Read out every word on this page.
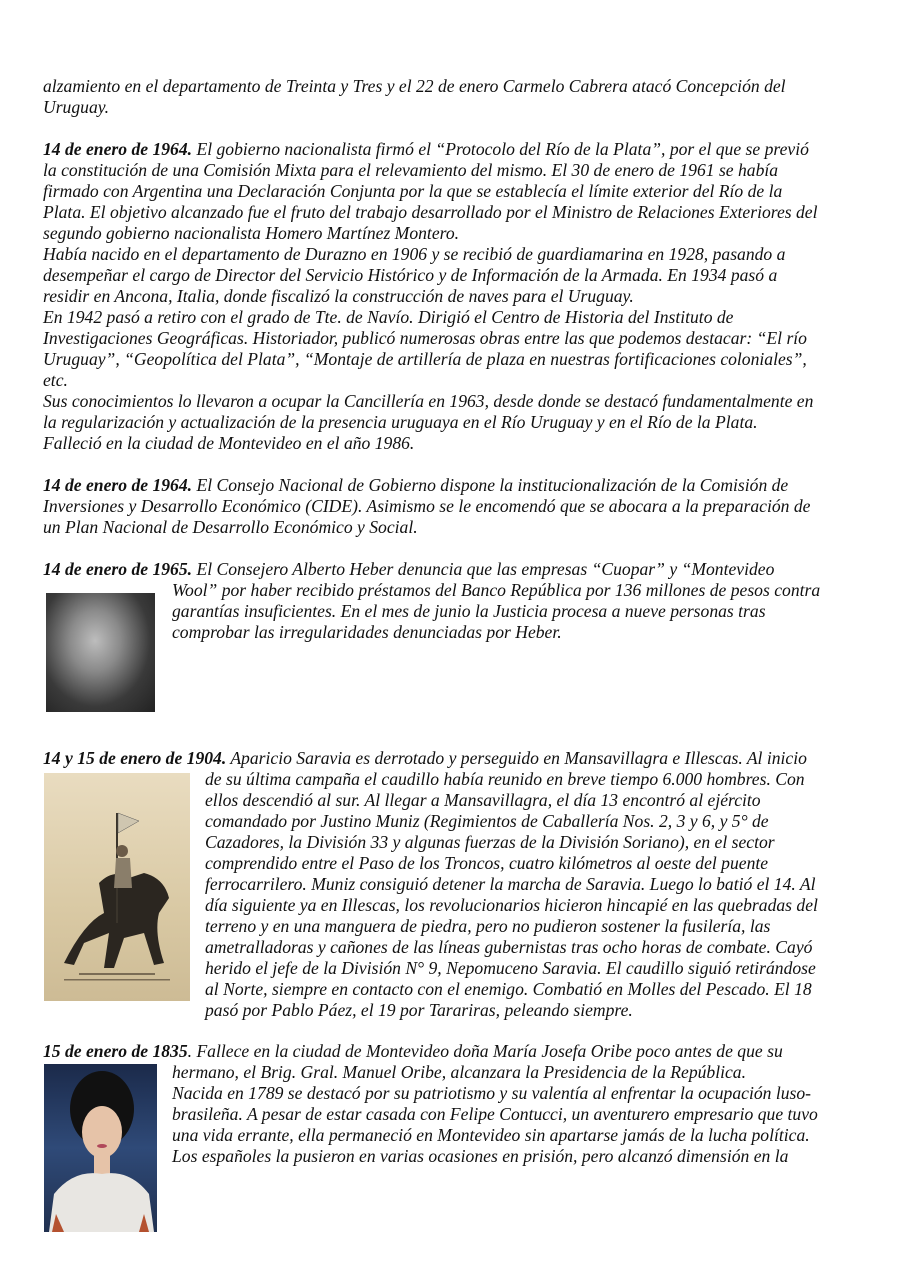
alzamiento en el departamento de Treinta y Tres y el 22 de enero Carmelo Cabrera atacó Concepción del
Uruguay.
14 de enero de 1964. El gobierno nacionalista firmó el “Protocolo del Río de la Plata”, por el que se previó
la constitución de una Comisión Mixta para el relevamiento del mismo. El 30 de enero de 1961 se había
firmado con Argentina una Declaración Conjunta por la que se establecía el límite exterior del Río de la
Plata. El objetivo alcanzado fue el fruto del trabajo desarrollado por el Ministro de Relaciones Exteriores del
segundo gobierno nacionalista Homero Martínez Montero.
Había nacido en el departamento de Durazno en 1906 y se recibió de guardiamarina en 1928, pasando a
desempeñar el cargo de Director del Servicio Histórico y de Información de la Armada. En 1934 pasó a
residir en Ancona, Italia, donde fiscalizó la construcción de naves para el Uruguay.
En 1942 pasó a retiro con el grado de Tte. de Navío. Dirigió el Centro de Historia del Instituto de
Investigaciones Geográficas. Historiador, publicó numerosas obras entre las que podemos destacar: “El río
Uruguay”, “Geopolítica del Plata”, “Montaje de artillería de plaza en nuestras fortificaciones coloniales”,
etc.
Sus conocimientos lo llevaron a ocupar la Cancillería en 1963, desde donde se destacó fundamentalmente en
la regularización y actualización de la presencia uruguaya en el Río Uruguay y en el Río de la Plata.
Falleció en la ciudad de Montevideo en el año 1986.
14 de enero de 1964. El Consejo Nacional de Gobierno dispone la institucionalización de la Comisión de
Inversiones y Desarrollo Económico (CIDE). Asimismo se le encomendó que se abocara a la preparación de
un Plan Nacional de Desarrollo Económico y Social.
14 de enero de 1965. El Consejero Alberto Heber denuncia que las empresas “Cuopar” y “Montevideo
Wool” por haber recibido préstamos del Banco República por 136 millones de pesos contra
garantías insuficientes. En el mes de junio la Justicia procesa a nueve personas tras
comprobar las irregularidades denunciadas por Heber.
14 y 15 de enero de 1904. Aparicio Saravia es derrotado y perseguido en Mansavillagra e Illescas. Al inicio
de su última campaña el caudillo había reunido en breve tiempo 6.000 hombres. Con
ellos descendió al sur. Al llegar a Mansavillagra, el día 13 encontró al ejército
comandado por Justino Muniz (Regimientos de Caballería Nos. 2, 3 y 6, y 5° de
Cazadores, la División 33 y algunas fuerzas de la División Soriano), en el sector
comprendido entre el Paso de los Troncos, cuatro kilómetros al oeste del puente
ferrocarrilero. Muniz consiguió detener la marcha de Saravia. Luego lo batió el 14. Al
día siguiente ya en Illescas, los revolucionarios hicieron hincapié en las quebradas del
terreno y en una manguera de piedra, pero no pudieron sostener la fusilería, las
ametralladoras y cañones de las líneas gubernistas tras ocho horas de combate. Cayó
herido el jefe de la División N° 9, Nepomuceno Saravia. El caudillo siguió retirándose
al Norte, siempre en contacto con el enemigo. Combatió en Molles del Pescado. El 18
pasó por Pablo Páez, el 19 por Tarariras, peleando siempre.
15 de enero de 1835. Fallece en la ciudad de Montevideo doña María Josefa Oribe poco antes de que su
hermano, el Brig. Gral. Manuel Oribe, alcanzara la Presidencia de la República.
Nacida en 1789 se destacó por su patriotismo y su valentía al enfrentar la ocupación luso-
brasileña. A pesar de estar casada con Felipe Contucci, un aventurero empresario que tuvo
una vida errante, ella permaneció en Montevideo sin apartarse jamás de la lucha política.
Los españoles la pusieron en varias ocasiones en prisión, pero alcanzó dimensión en la
